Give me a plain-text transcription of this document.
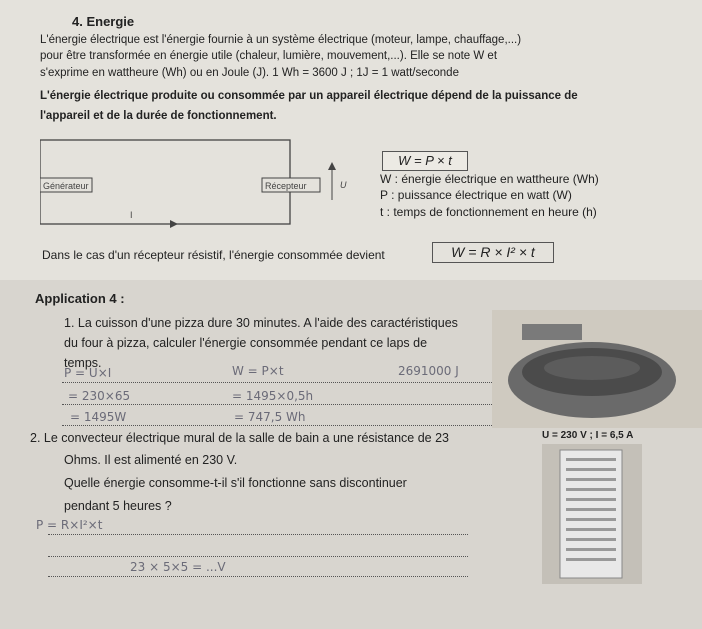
4. Energie
L'énergie électrique est l'énergie fournie à un système électrique (moteur, lampe, chauffage,...)
pour être transformée en énergie utile (chaleur, lumière, mouvement,...). Elle se note W et
s'exprime en wattheure (Wh) ou en Joule (J). 1 Wh = 3600 J ; 1J = 1 watt/seconde
L'énergie électrique produite ou consommée par un appareil électrique dépend de la puissance de
l'appareil et de la durée de fonctionnement.
Générateur	Récepteur	U
I
W = P × t
W : énergie électrique en wattheure (Wh)
P : puissance électrique en watt (W)
t : temps de fonctionnement en heure (h)
Dans le cas d'un récepteur résistif, l'énergie consommée devient	W = R × I² × t
Application 4 :
1. La cuisson d'une pizza dure 30 minutes. A l'aide des caractéristiques
du four à pizza, calculer l'énergie consommée pendant ce laps de
temps.
P = U×I	W = P×t	2691000 J
= 230×65	= 1495×0,5h
= 1495W	= 747,5 Wh
2. Le convecteur électrique mural de la salle de bain a une résistance de 23
Ohms. Il est alimenté en 230 V.
Quelle énergie consomme-t-il s'il fonctionne sans discontinuer
pendant 5 heures ?
P = R×I²×t
23 × 5×5 = ...V
U = 230 V ; I = 6,5 A
